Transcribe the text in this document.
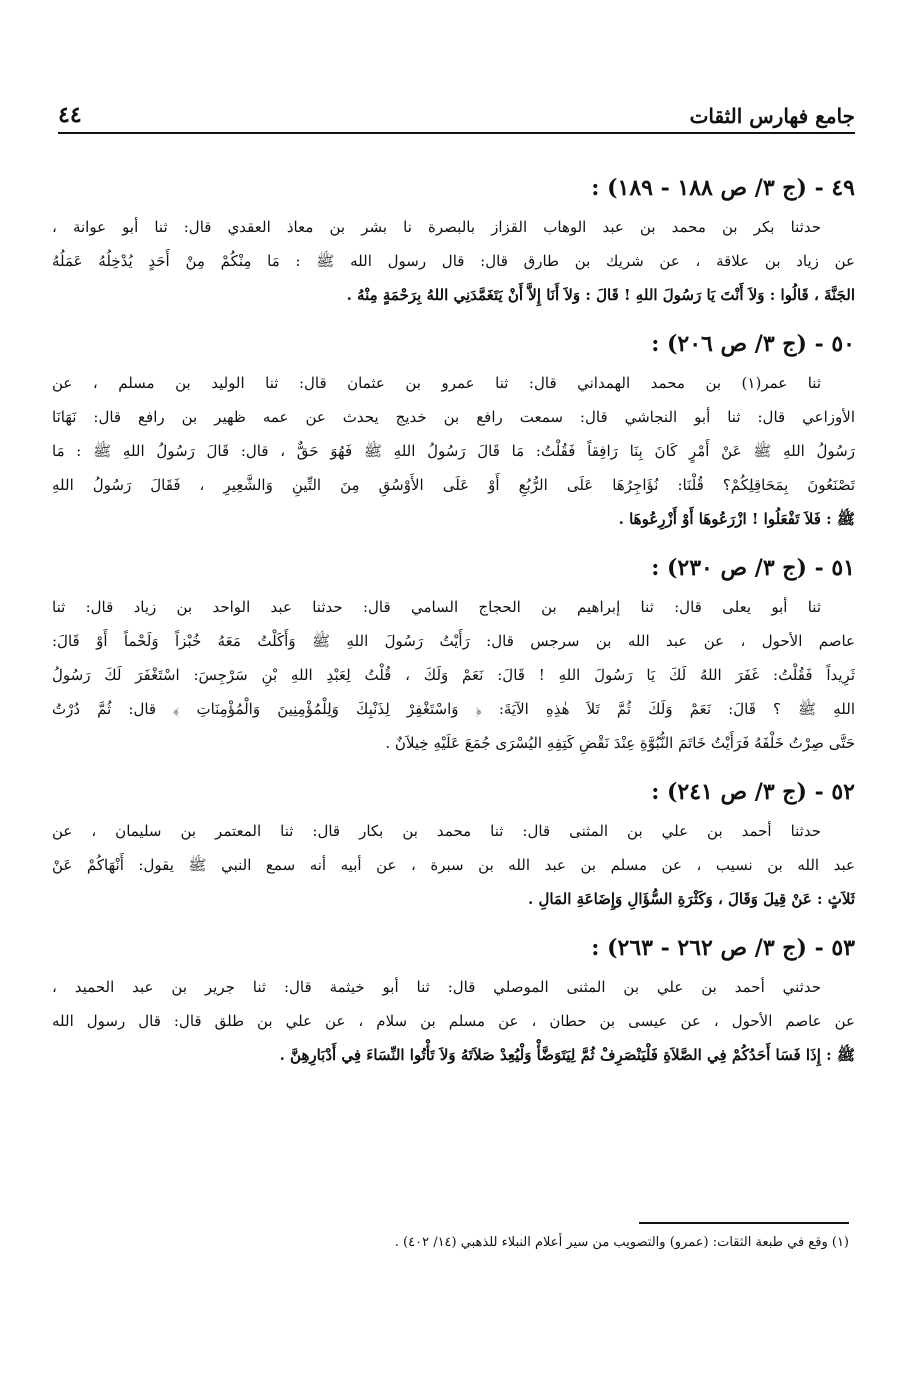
جامع فهارس الثقات
٤٤
٤٩ - (ج ٣/ ص ١٨٨ - ١٨٩) :
حدثنا بكر بن محمد بن عبد الوهاب القزاز بالبصرة نا بشر بن معاذ العقدي قال: ثنا أبو عوانة ،
عن زياد بن علاقة ، عن شريك بن طارق قال: قال رسول الله ﷺ : مَا مِنْكُمْ مِنْ أَحَدٍ يُدْخِلُهُ عَمَلُهُ
الجَنَّةَ ، قَالُوا : وَلاَ أَنْتَ يَا رَسُولَ اللهِ ! قَالَ : وَلاَ أَنَا إِلاَّ أَنْ يَتَغَمَّدَنِي اللهُ بِرَحْمَةٍ مِنْهُ .
٥٠ - (ج ٣/ ص ٢٠٦) :
ثنا عمر(١) بن محمد الهمداني قال: ثنا عمرو بن عثمان قال: ثنا الوليد بن مسلم ، عن
الأوزاعي قال: ثنا أبو النجاشي قال: سمعت رافع بن خديج يحدث عن عمه ظهير بن رافع قال: نَهَانَا
رَسُولُ اللهِ ﷺ عَنْ أَمْرٍ كَانَ بِنَا رَافِقاً فَقُلْتُ: مَا قَالَ رَسُولُ اللهِ ﷺ فَهُوَ حَقٌّ ، قال: قَالَ رَسُولُ اللهِ ﷺ : مَا
تَصْنَعُونَ بِمَحَاقِلِكُمْ؟ قُلْنَا: نُؤَاجِرُهَا عَلَى الرُّبُعِ أَوْ عَلَى الأَوْسُقِ مِنَ التِّينِ وَالشَّعِيرِ ، فَقَالَ رَسُولُ اللهِ
ﷺ : فَلاَ تَفْعَلُوا ! ازْرَعُوهَا أَوْ أَزْرِعُوهَا .
٥١ - (ج ٣/ ص ٢٣٠) :
ثنا أبو يعلى قال: ثنا إبراهيم بن الحجاج السامي قال: حدثنا عبد الواحد بن زياد قال: ثنا
عاصم الأحول ، عن عبد الله بن سرجس قال: رَأَيْتُ رَسُولَ اللهِ ﷺ وَأَكَلْتُ مَعَهُ خُبْزاً وَلَحْماً أَوْ قَالَ:
ثَرِيداً فَقُلْتُ: غَفَرَ اللهُ لَكَ يَا رَسُولَ اللهِ ! قَالَ: نَعَمْ وَلَكَ ، قُلْتُ لِعَبْدِ اللهِ بْنِ سَرْجِسَ: اسْتَغْفَرَ لَكَ رَسُولُ
اللهِ ﷺ ؟ قَالَ: نَعَمْ وَلَكَ ثُمَّ تَلاَ هٰذِهِ الآيَةَ: ﴿ وَاسْتَغْفِرْ لِذَنْبِكَ وَلِلْمُؤْمِنِينَ وَالْمُؤْمِنَاتِ ﴾ قال: ثُمَّ دُرْتُ
حَتَّى صِرْتُ خَلْفَهُ فَرَأَيْتُ خَاتَمَ النُّبُوَّةِ عِنْدَ نَقْضِ كَتِفِهِ اليُسْرَى جُمَعَ عَلَيْهِ خِيلاَنٌ .
٥٢ - (ج ٣/ ص ٢٤١) :
حدثنا أحمد بن علي بن المثنى قال: ثنا محمد بن بكار قال: ثنا المعتمر بن سليمان ، عن
عبد الله بن نسيب ، عن مسلم بن عبد الله بن سبرة ، عن أبيه أنه سمع النبي ﷺ يقول: أَنْهَاكُمْ عَنْ
ثَلاَثٍ : عَنْ قِيلَ وَقَالَ ، وَكَثْرَةِ السُّؤَالِ وَإِضَاعَةِ المَالِ .
٥٣ - (ج ٣/ ص ٢٦٢ - ٢٦٣) :
حدثني أحمد بن علي بن المثنى الموصلي قال: ثنا أبو خيثمة قال: ثنا جرير بن عبد الحميد ،
عن عاصم الأحول ، عن عيسى بن حطان ، عن مسلم بن سلام ، عن علي بن طلق قال: قال رسول الله
ﷺ : إِذَا فَسَا أَحَدُكُمْ فِي الصَّلاَةِ فَلْيَنْصَرِفْ ثُمَّ لِيَتَوَضَّأْ وَلْيُعِدْ صَلاَتَهُ وَلاَ تَأْتُوا النِّسَاءَ فِي أَدْبَارِهِنَّ .
(١) وقع في طبعة الثقات: (عمرو) والتصويب من سير أعلام النبلاء للذهبي (١٤/ ٤٠٢) .
